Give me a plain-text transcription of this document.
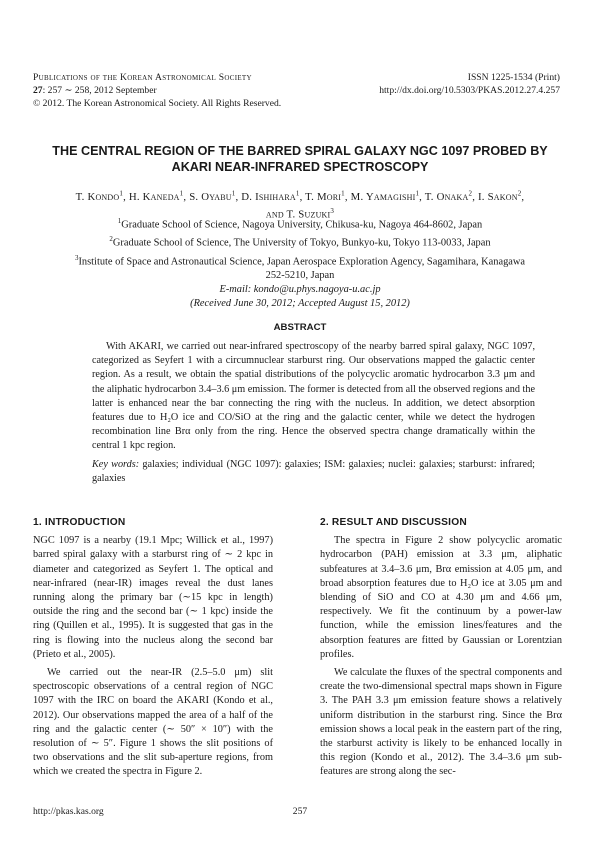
Publications of the Korean Astronomical Society
27: 257 ∼ 258, 2012 September
© 2012. The Korean Astronomical Society. All Rights Reserved.
ISSN 1225-1534 (Print)
http://dx.doi.org/10.5303/PKAS.2012.27.4.257
THE CENTRAL REGION OF THE BARRED SPIRAL GALAXY NGC 1097 PROBED BY
AKARI NEAR-INFRARED SPECTROSCOPY
T. Kondo$^1$, H. Kaneda$^1$, S. Oyabu$^1$, D. Ishihara$^1$, T. Mori$^1$, M. Yamagishi$^1$, T. Onaka$^2$, I. Sakon$^2$,
and T. Suzuki$^3$
$^1$Graduate School of Science, Nagoya University, Chikusa-ku, Nagoya 464-8602, Japan
$^2$Graduate School of Science, The University of Tokyo, Bunkyo-ku, Tokyo 113-0033, Japan
$^3$Institute of Space and Astronautical Science, Japan Aerospace Exploration Agency, Sagamihara, Kanagawa
252-5210, Japan
E-mail: kondo@u.phys.nagoya-u.ac.jp
(Received June 30, 2012; Accepted August 15, 2012)
ABSTRACT

With AKARI, we carried out near-infrared spectroscopy of the nearby barred spiral galaxy, NGC 1097, categorized as Seyfert 1 with a circumnuclear starburst ring. Our observations mapped the galactic center region. As a result, we obtain the spatial distributions of the polycyclic aromatic hydrocarbon 3.3 μm and the aliphatic hydrocarbon 3.4–3.6 μm emission. The former is detected from all the observed regions and the latter is enhanced near the bar connecting the ring with the nucleus. In addition, we detect absorption features due to H₂O ice and CO/SiO at the ring and the galactic center, while we detect the hydrogen recombination line Brα only from the ring. Hence the observed spectra change dramatically within the central 1 kpc region.

Key words: galaxies; individual (NGC 1097): galaxies; ISM: galaxies; nuclei: galaxies; starburst: infrared; galaxies
1. INTRODUCTION

NGC 1097 is a nearby (19.1 Mpc; Willick et al., 1997) barred spiral galaxy with a starburst ring of ∼ 2 kpc in diameter and categorized as Seyfert 1. The optical and near-infrared (near-IR) images reveal the dust lanes running along the primary bar (∼15 kpc in length) outside the ring and the second bar (∼ 1 kpc) inside the ring (Quillen et al., 1995). It is suggested that gas in the ring is flowing into the nucleus along the second bar (Prieto et al., 2005).

We carried out the near-IR (2.5–5.0 μm) slit spectroscopic observations of a central region of NGC 1097 with the IRC on board the AKARI (Kondo et al., 2012). Our observations mapped the area of a half of the ring and the galactic center (∼ 50″ × 10″) with the resolution of ∼ 5″. Figure 1 shows the slit positions of two observations and the slit sub-aperture regions, from which we created the spectra in Figure 2.

2. RESULT AND DISCUSSION

The spectra in Figure 2 show polycyclic aromatic hydrocarbon (PAH) emission at 3.3 μm, aliphatic subfeatures at 3.4–3.6 μm, Brα emission at 4.05 μm, and broad absorption features due to H₂O ice at 3.05 μm and blending of SiO and CO at 4.30 μm and 4.66 μm, respectively. We fit the continuum by a power-law function, while the emission lines/features and the absorption features are fitted by Gaussian or Lorentzian profiles.

We calculate the fluxes of the spectral components and create the two-dimensional spectral maps shown in Figure 3. The PAH 3.3 μm emission feature shows a relatively uniform distribution in the starburst ring. Since the Brα emission shows a local peak in the eastern part of the ring, the starburst activity is likely to be enhanced locally in this region (Kondo et al., 2012). The 3.4–3.6 μm sub-features are strong along the sec-

http://pkas.kas.org	257
